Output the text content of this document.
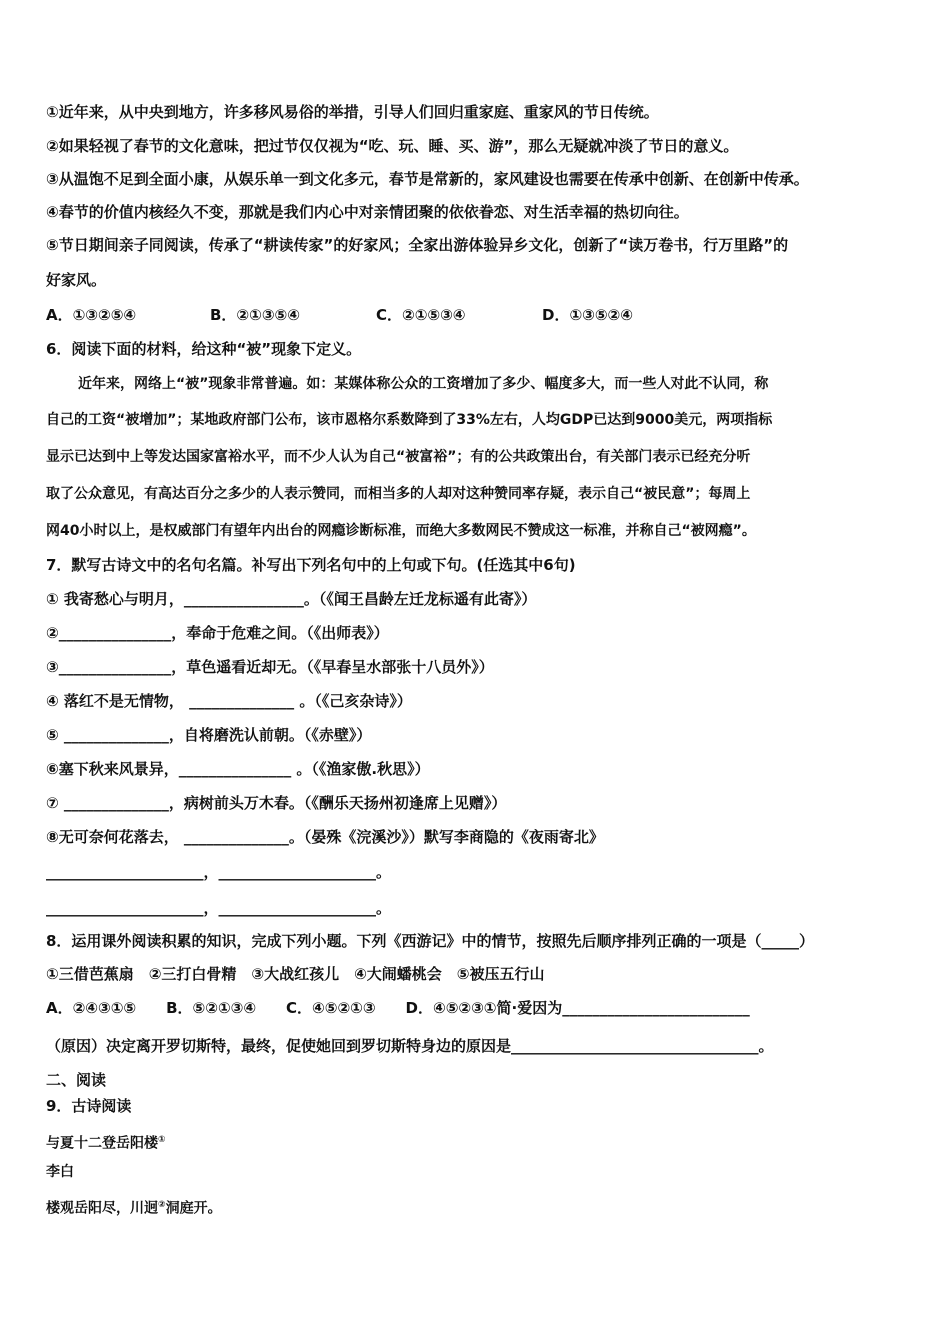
①近年来，从中央到地方，许多移风易俗的举措，引导人们回归重家庭、重家风的节日传统。
②如果轻视了春节的文化意味，把过节仅仅视为“吃、玩、睡、买、游”，那么无疑就冲淡了节日的意义。
③从温饱不足到全面小康，从娱乐单一到文化多元，春节是常新的，家风建设也需要在传承中创新、在创新中传承。
④春节的价值内核经久不变，那就是我们内心中对亲情团聚的依依眷恋、对生活幸福的热切向往。
⑤节日期间亲子同阅读，传承了“耕读传家”的好家风；全家出游体验异乡文化，创新了“读万卷书，行万里路”的
好家风。
A．①③②⑤④	B．②①③⑤④	C．②①⑤③④	D．①③⑤②④
6．阅读下面的材料，给这种“被”现象下定义。
近年来，网络上“被”现象非常普遍。如：某媒体称公众的工资增加了多少、幅度多大，而一些人对此不认同，称
自己的工资“被增加”；某地政府部门公布，该市恩格尔系数降到了33%左右，人均GDP已达到9000美元，两项指标
显示已达到中上等发达国家富裕水平，而不少人认为自己“被富裕”；有的公共政策出台，有关部门表示已经充分听
取了公众意见，有高达百分之多少的人表示赞同，而相当多的人却对这种赞同率存疑，表示自己“被民意”；每周上
网40小时以上，是权威部门有望年内出台的网瘾诊断标准，而绝大多数网民不赞成这一标准，并称自己“被网瘾”。
7．默写古诗文中的名句名篇。补写出下列名句中的上句或下句。(任选其中6句)
① 我寄愁心与明月，________________。（《闻王昌龄左迁龙标遥有此寄》）
②_______________，奉命于危难之间。（《出师表》）
③_______________，草色遥看近却无。（《早春呈水部张十八员外》）
④ 落红不是无情物， ______________ 。（《己亥杂诗》）
⑤ ______________，自将磨洗认前朝。（《赤壁》）
⑥塞下秋来风景异，_______________ 。（《渔家傲.秋思》）
⑦ ______________，病树前头万木春。（《酬乐天扬州初逢席上见赠》）
⑧无可奈何花落去， ______________。（晏殊《浣溪沙》）默写李商隐的《夜雨寄北》
_____________________，_____________________。
_____________________，_____________________。
8．运用课外阅读积累的知识，完成下列小题。下列《西游记》中的情节，按照先后顺序排列正确的一项是（_____）
①三借芭蕉扇　②三打白骨精　③大战红孩儿　④大闹蟠桃会　⑤被压五行山
A．②④③①⑤　　B．⑤②①③④　　C．④⑤②①③　　D．④⑤②③①简·爱因为_________________________
（原因）决定离开罗切斯特，最终，促使她回到罗切斯特身边的原因是_________________________________。
二、阅读
9．古诗阅读
与夏十二登岳阳楼①
李白
楼观岳阳尽，川迥②洞庭开。
